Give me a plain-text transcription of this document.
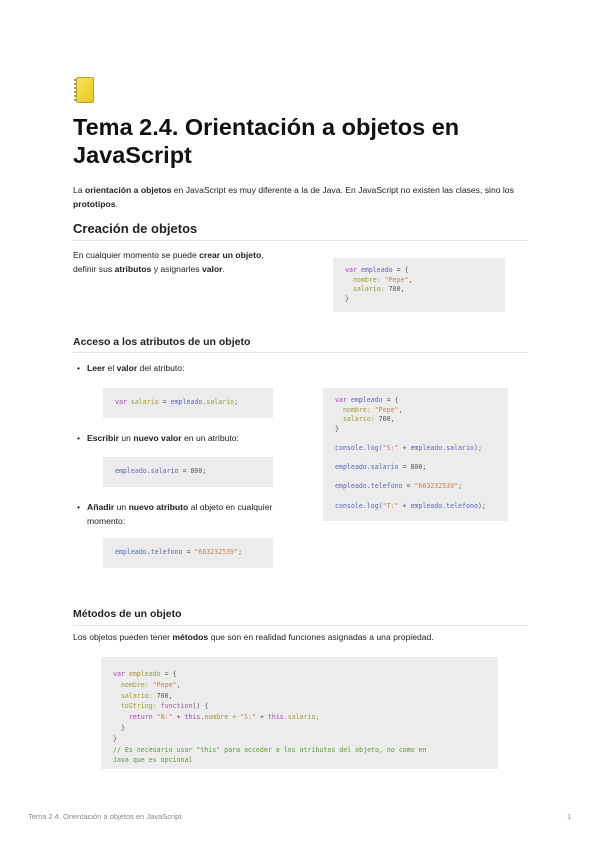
Tema 2.4. Orientación a objetos en JavaScript

La orientación a objetos en JavaScript es muy diferente a la de Java. En JavaScript no existen las clases, sino los prototipos.

Creación de objetos

En cualquier momento se puede crear un objeto,
definir sus atributos y asignarles valor.	var empleado = {
nombre: "Pepe",
salario: 700,
}
Acceso a los atributos de un objeto
• Leer el valor del atributo:
var salario = empleado.salario;
• Escribir un nuevo valor en un atributo:
empleado.salario = 800;
• Añadir un nuevo atributo al objeto en cualquier momento:
empleado.telefono = "663232539";
var empleado = {
nombre: "Pepe",
salario: 700,
}

console.log("S:" + empleado.salario);

empleado.salario = 800;

empleado.telefono = "663232539";

console.log("T:" + empleado.telefono);
Métodos de un objeto

Los objetos pueden tener métodos que son en realidad funciones asignadas a una propiedad.

var empleado = {
nombre: "Pepe",
salario: 700,
toString: function() {
return "N:" + this.nombre + "S:" + this.salario;
}
}
// Es necesario usar "this" para acceder a los atributos del objeto, no como en
Java que es opcional
Tema 2.4. Orientación a objetos en JavaScript	1
